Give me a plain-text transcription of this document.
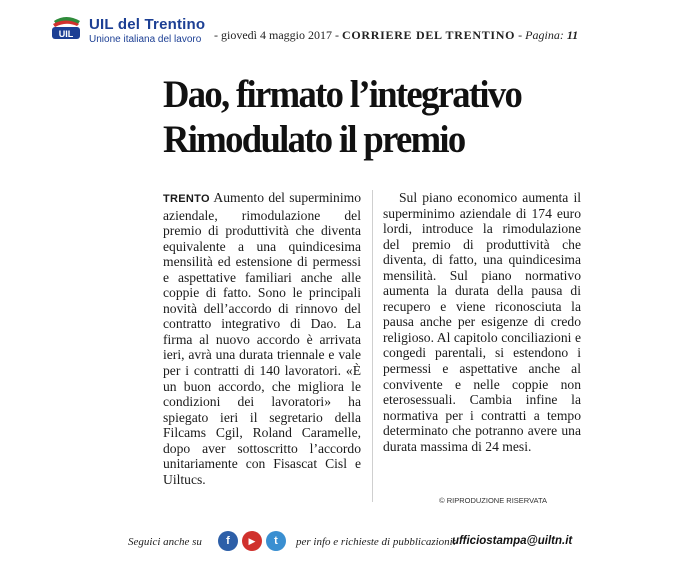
UIL
UIL del Trentino
Unione italiana del lavoro - giovedì 4 maggio 2017 - CORRIERE DEL TRENTINO - Pagina: 11
Dao, firmato l’integrativo
Rimodulato il premio
TRENTO Aumento del superminimo aziendale, rimodulazione del premio di produttività che diventa equivalente a una quindicesima mensilità ed estensione di permessi e aspettative familiari anche alle coppie di fatto. Sono le principali novità dell’accordo di rinnovo del contratto integrativo di Dao. La firma al nuovo accordo è arrivata ieri, avrà una durata triennale e vale per i contratti di 140 lavoratori. «È un buon accordo, che migliora le condizioni dei lavoratori» ha spiegato ieri il segretario della Filcams Cgil, Roland Caramelle, dopo aver sottoscritto l’accordo unitariamente con Fisascat Cisl e Uiltucs.
Sul piano economico aumenta il superminimo aziendale di 174 euro lordi, introduce la rimodulazione del premio di produttività che diventa, di fatto, una quindicesima mensilità. Sul piano normativo aumenta la durata della pausa di recupero e viene riconosciuta la pausa anche per esigenze di credo religioso. Al capitolo conciliazioni e congedi parentali, si estendono i permessi e aspettative anche al convivente e nelle coppie non eterosessuali. Cambia infine la normativa per i contratti a tempo determinato che potranno avere una durata massima di 24 mesi.
© RIPRODUZIONE RISERVATA
Seguici anche su	f	▶	t	per info e richieste di pubblicazioni:
ufficiostampa@uiltn.it
